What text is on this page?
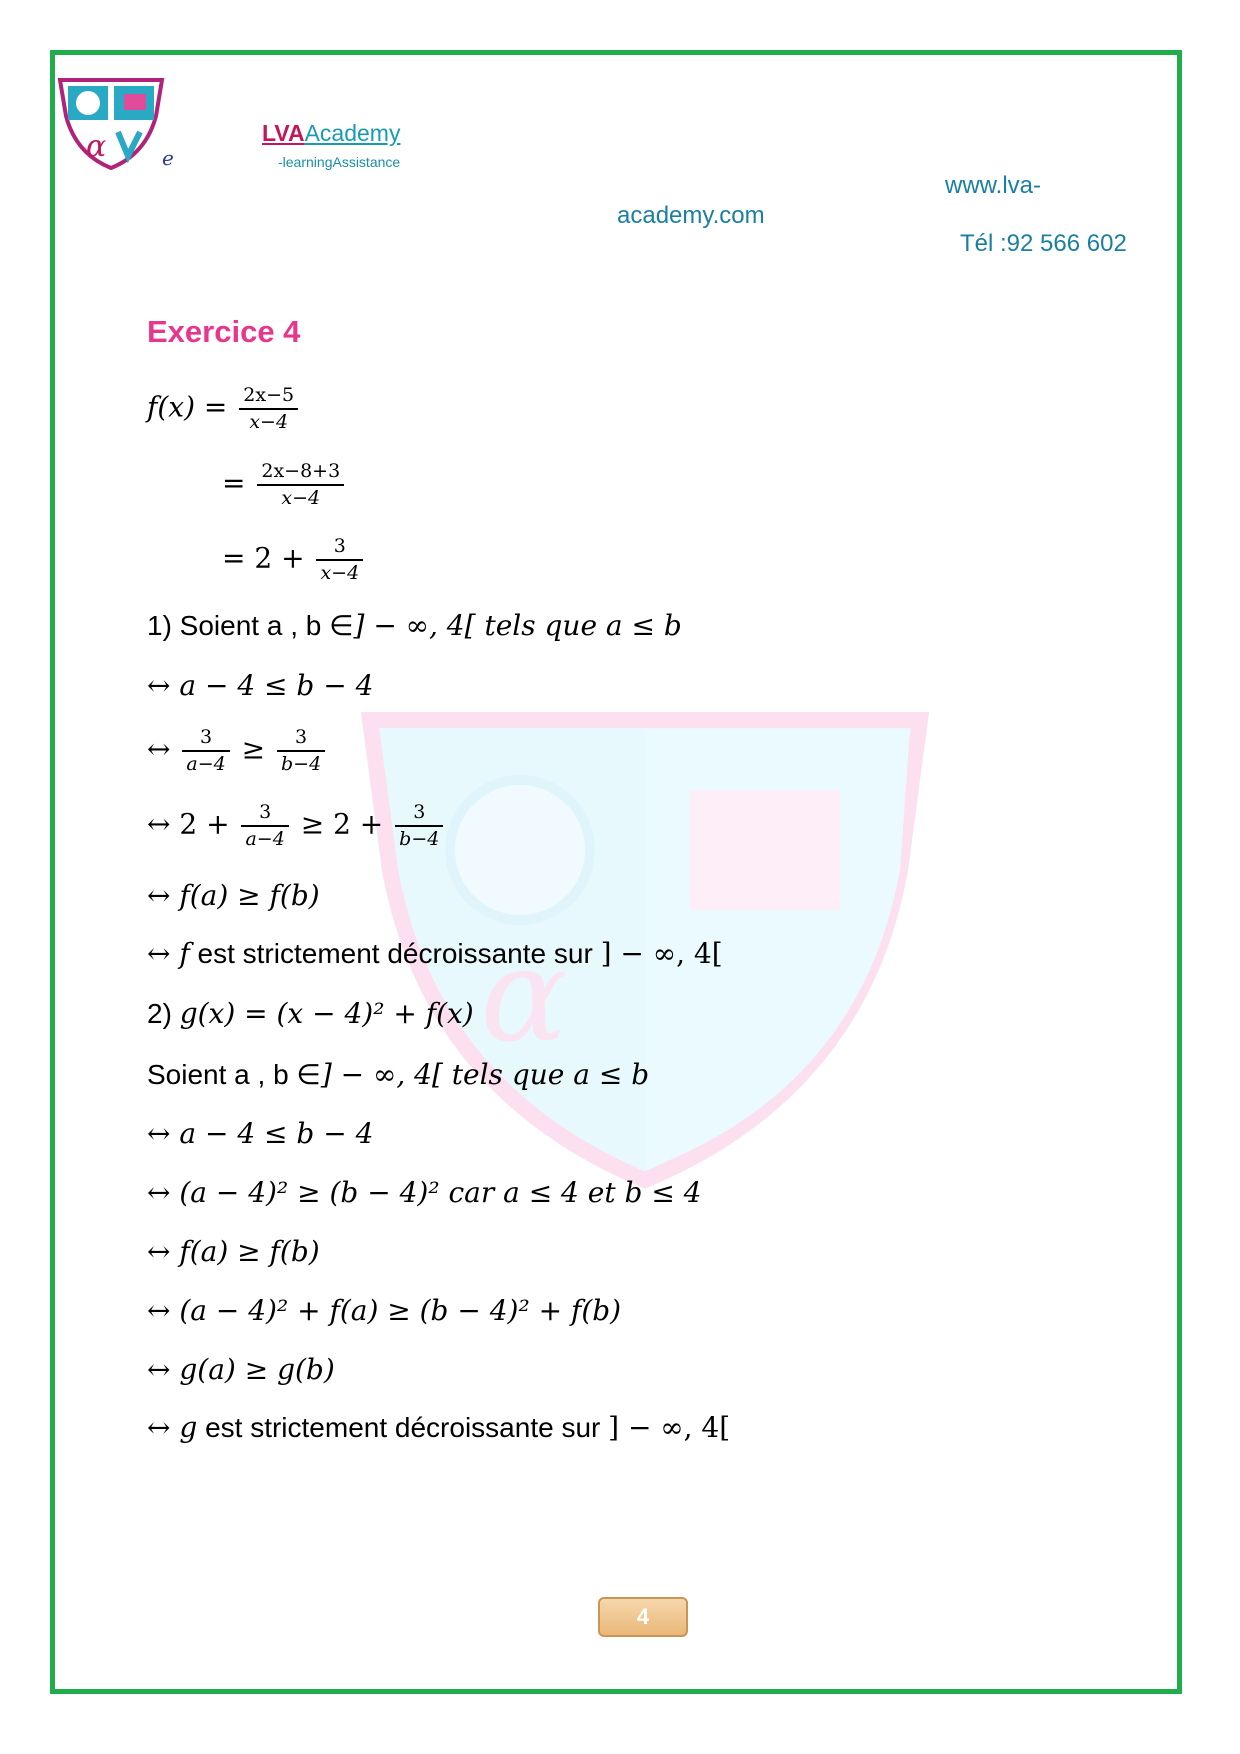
α
α	e
LVAAcademy
-learningAssistance
www.lva-
academy.com
Tél :92 566 602
Exercice 4
$f(x) = \frac{2x-5}{x-4}$
= $\frac{2x-8+3}{x-4}$
= $2 + \frac{3}{x-4}$
1) Soient a , b ∈] − ∞, 4[ tels que a ≤ b
↔ a − 4 ≤ b − 4
↔ $\frac{3}{a-4} \ge \frac{3}{b-4}$
↔ $2 + \frac{3}{a-4} \ge 2 + \frac{3}{b-4}$
↔ f(a) ≥ f(b)
↔ f est strictement décroissante sur ] − ∞, 4[
2) g(x) = (x − 4)² + f(x)
Soient a , b ∈] − ∞, 4[ tels que a ≤ b
↔ a − 4 ≤ b − 4
↔ (a − 4)² ≥ (b − 4)² car a ≤ 4 et b ≤ 4
↔ f(a) ≥ f(b)
↔ (a − 4)² + f(a) ≥ (b − 4)² + f(b)
↔ g(a) ≥ g(b)
↔ g est strictement décroissante sur ] − ∞, 4[
4
